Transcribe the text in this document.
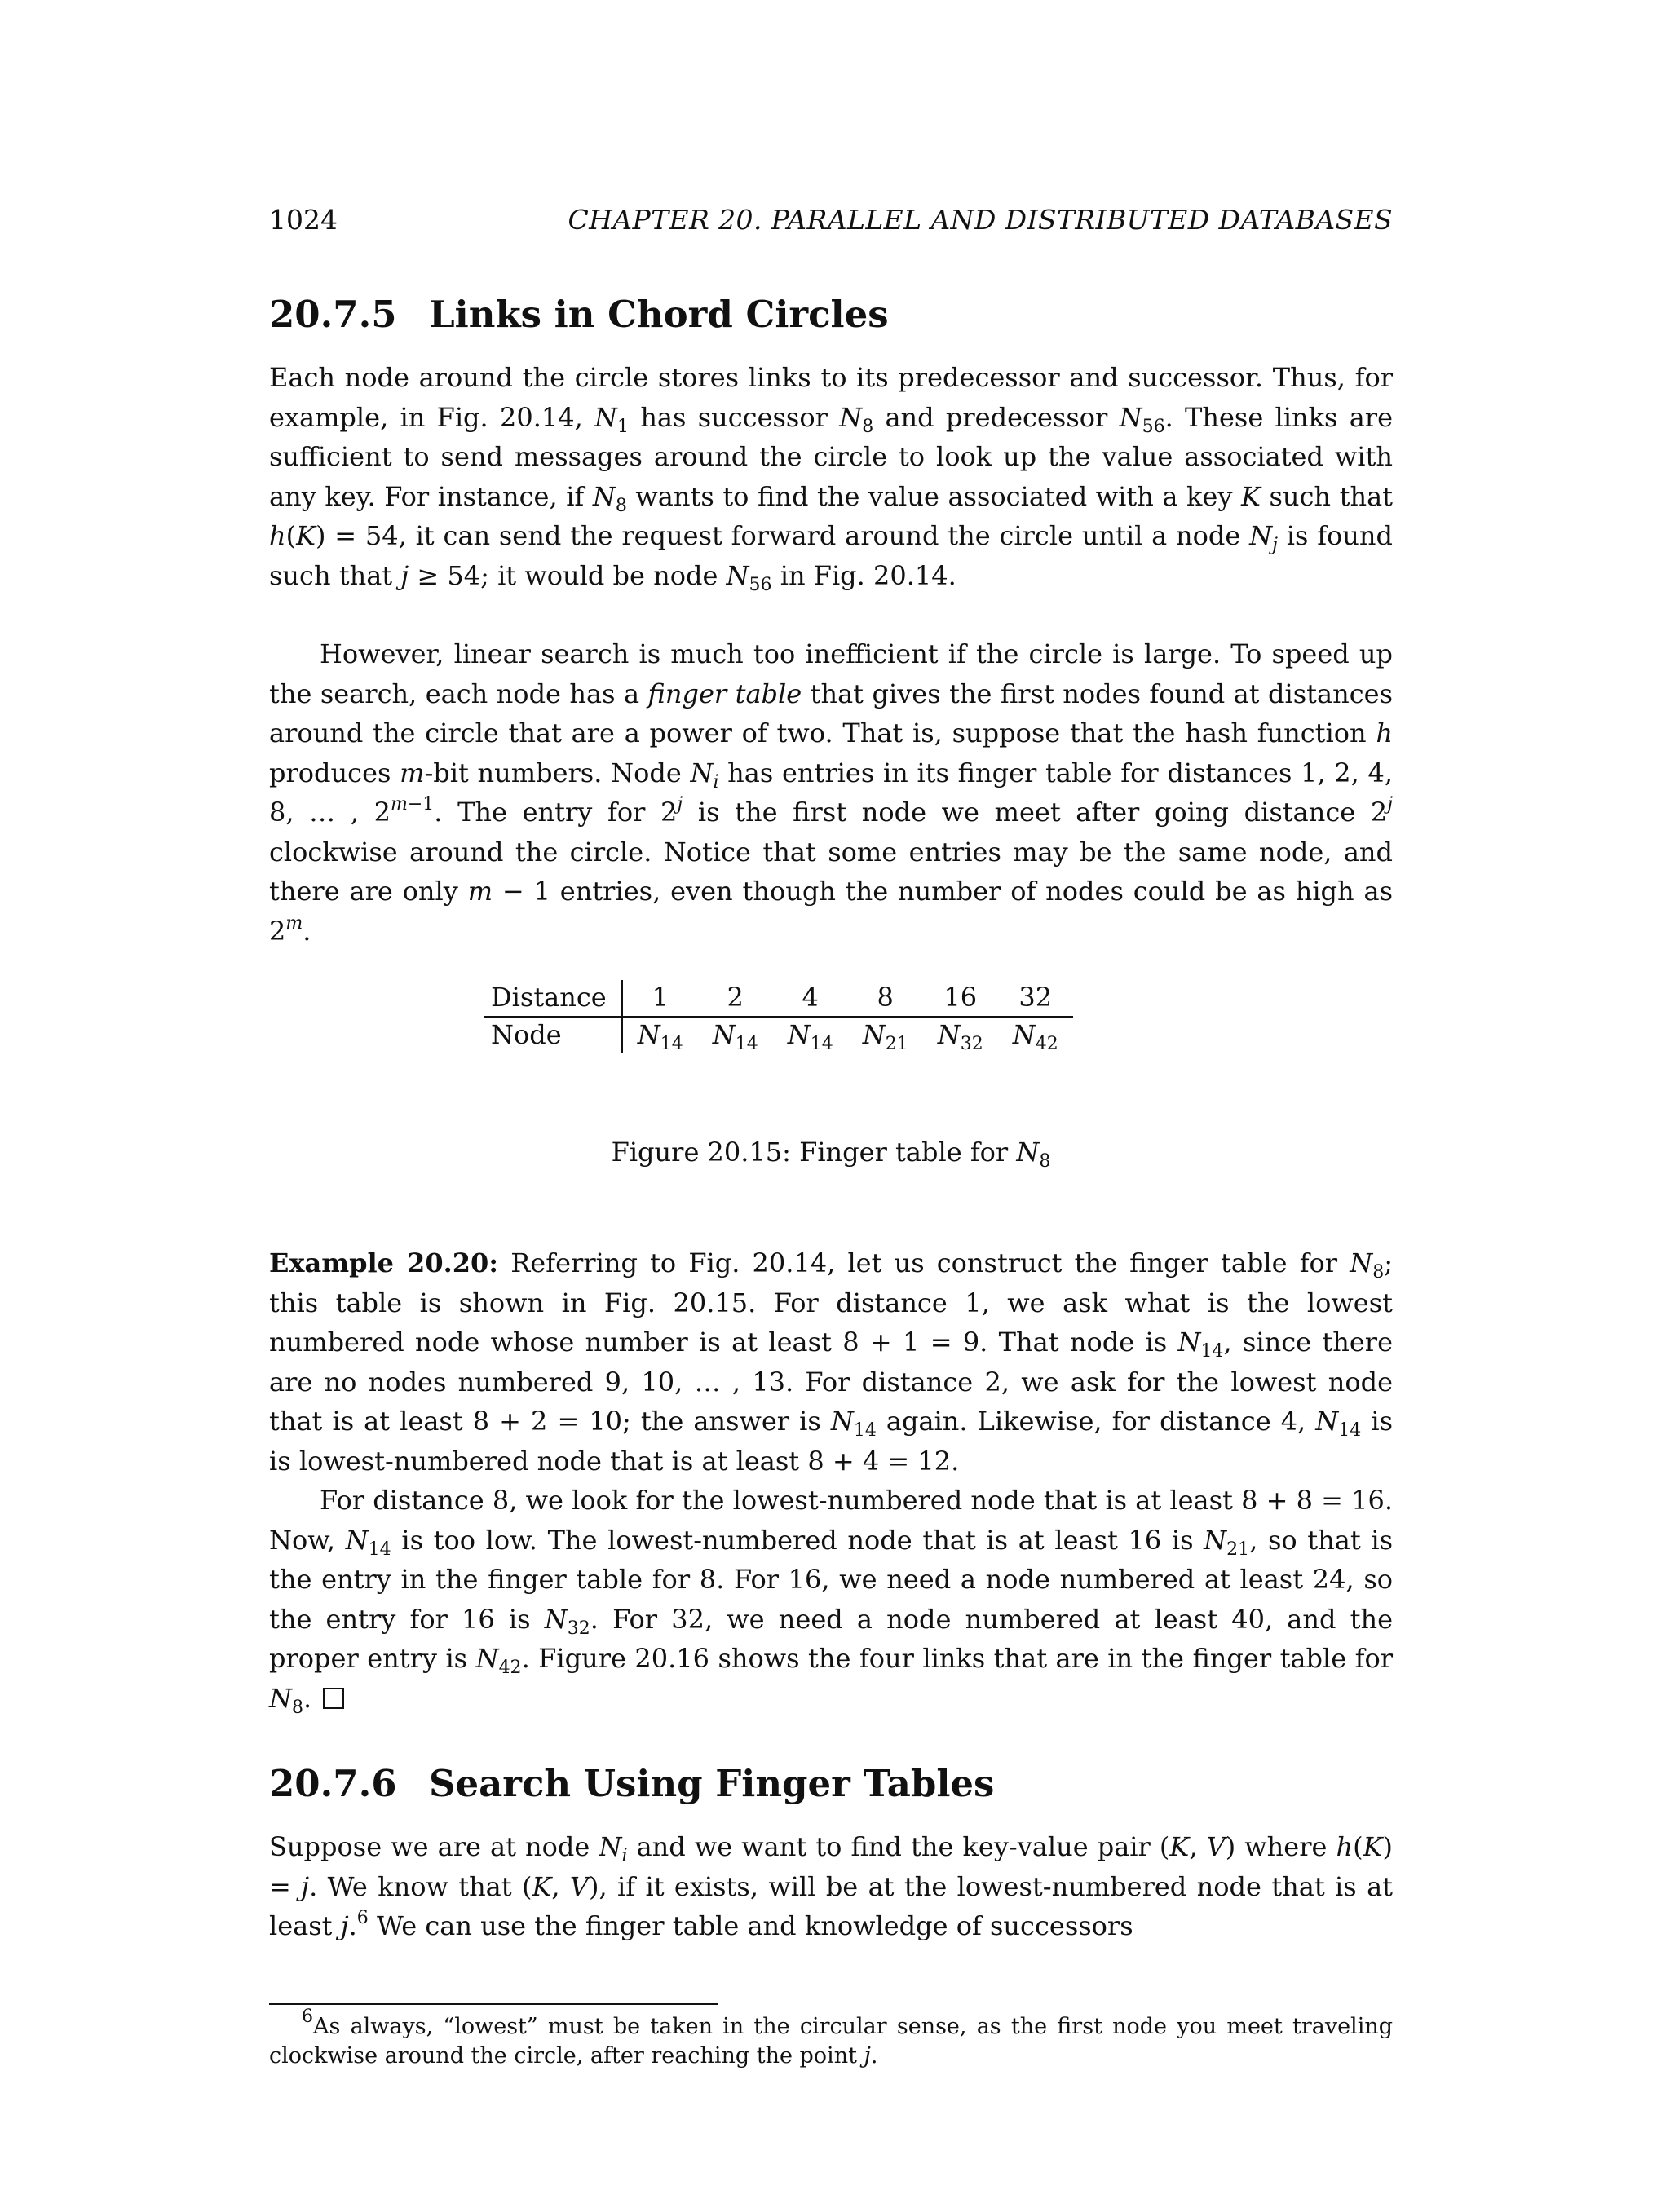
1024	CHAPTER 20. PARALLEL AND DISTRIBUTED DATABASES
20.7.5 Links in Chord Circles
Each node around the circle stores links to its predecessor and successor. Thus, for example, in Fig. 20.14, $N_1$ has successor $N_8$ and predecessor $N_{56}$. These links are sufficient to send messages around the circle to look up the value associated with any key. For instance, if $N_8$ wants to find the value associated with a key K such that h(K) = 54, it can send the request forward around the circle until a node $N_j$ is found such that j ≥ 54; it would be node $N_{56}$ in Fig. 20.14.
However, linear search is much too inefficient if the circle is large. To speed up the search, each node has a finger table that gives the first nodes found at distances around the circle that are a power of two. That is, suppose that the hash function h produces m-bit numbers. Node $N_i$ has entries in its finger table for distances 1, 2, 4, 8, … , $2^{m-1}$. The entry for 2$^j$ is the first node we meet after going distance 2$^j$ clockwise around the circle. Notice that some entries may be the same node, and there are only m − 1 entries, even though the number of nodes could be as high as 2$^m$.
Distance	1	2	4	8	16	32
Node	$N_{14}$	$N_{14}$	$N_{14}$	$N_{21}$	$N_{32}$	$N_{42}$
Figure 20.15: Finger table for $N_8$
Example 20.20: Referring to Fig. 20.14, let us construct the finger table for $N_8$; this table is shown in Fig. 20.15. For distance 1, we ask what is the lowest numbered node whose number is at least 8 + 1 = 9. That node is $N_{14}$, since there are no nodes numbered 9, 10, … , 13. For distance 2, we ask for the lowest node that is at least 8 + 2 = 10; the answer is $N_{14}$ again. Likewise, for distance 4, $N_{14}$ is is lowest-numbered node that is at least 8 + 4 = 12.
For distance 8, we look for the lowest-numbered node that is at least 8 + 8 = 16. Now, $N_{14}$ is too low. The lowest-numbered node that is at least 16 is $N_{21}$, so that is the entry in the finger table for 8. For 16, we need a node numbered at least 24, so the entry for 16 is $N_{32}$. For 32, we need a node numbered at least 40, and the proper entry is $N_{42}$. Figure 20.16 shows the four links that are in the finger table for $N_8$.
20.7.6 Search Using Finger Tables
Suppose we are at node $N_i$ and we want to find the key-value pair (K, V) where h(K) = j. We know that (K, V), if it exists, will be at the lowest-numbered node that is at least j.$^6$ We can use the finger table and knowledge of successors
$^6$As always, “lowest” must be taken in the circular sense, as the first node you meet traveling clockwise around the circle, after reaching the point j.
